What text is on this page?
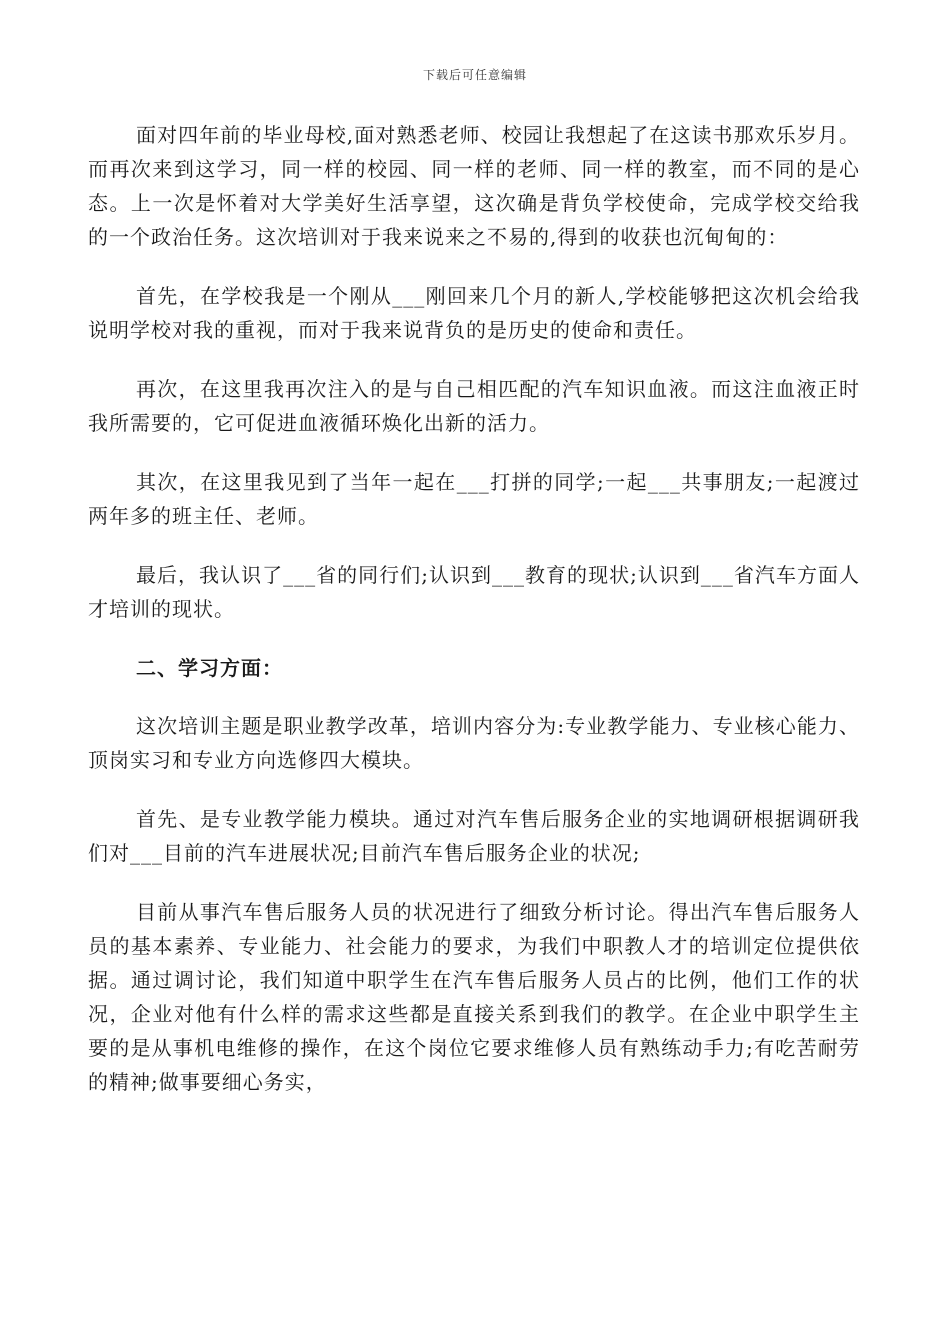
下载后可任意编辑

面对四年前的毕业母校,面对熟悉老师、校园让我想起了在这读书那欢乐岁月。而再次来到这学习，同一样的校园、同一样的老师、同一样的教室，而不同的是心态。上一次是怀着对大学美好生活享望，这次确是背负学校使命，完成学校交给我的一个政治任务。这次培训对于我来说来之不易的,得到的收获也沉甸甸的：

首先，在学校我是一个刚从___刚回来几个月的新人,学校能够把这次机会给我说明学校对我的重视，而对于我来说背负的是历史的使命和责任。

再次，在这里我再次注入的是与自己相匹配的汽车知识血液。而这注血液正时我所需要的，它可促进血液循环焕化出新的活力。

其次，在这里我见到了当年一起在___打拼的同学;一起___共事朋友;一起渡过两年多的班主任、老师。

最后，我认识了___省的同行们;认识到___教育的现状;认识到___省汽车方面人才培训的现状。

二、学习方面：

这次培训主题是职业教学改革，培训内容分为:专业教学能力、专业核心能力、顶岗实习和专业方向选修四大模块。

首先、是专业教学能力模块。通过对汽车售后服务企业的实地调研根据调研我们对___目前的汽车进展状况;目前汽车售后服务企业的状况;

目前从事汽车售后服务人员的状况进行了细致分析讨论。得出汽车售后服务人员的基本素养、专业能力、社会能力的要求，为我们中职教人才的培训定位提供依据。通过调讨论，我们知道中职学生在汽车售后服务人员占的比例，他们工作的状况，企业对他有什么样的需求这些都是直接关系到我们的教学。在企业中职学生主要的是从事机电维修的操作，在这个岗位它要求维修人员有熟练动手力;有吃苦耐劳的精神;做事要细心务实，
